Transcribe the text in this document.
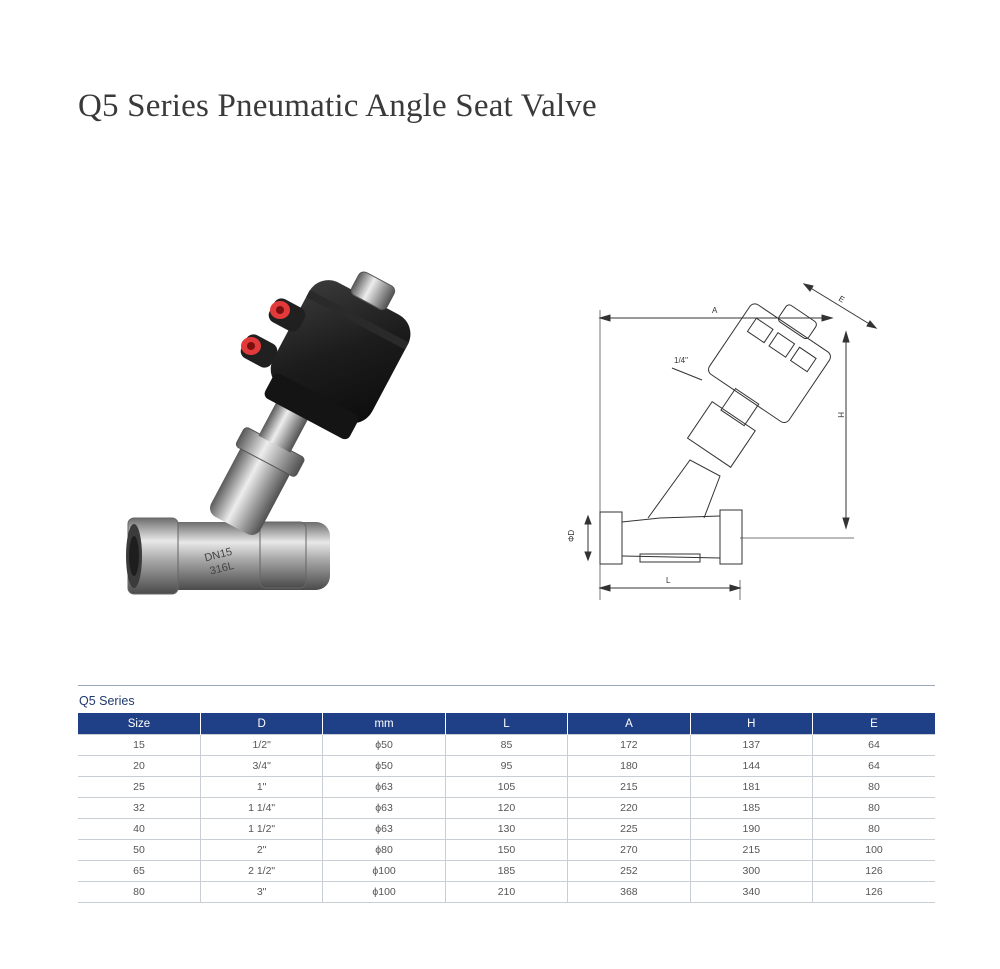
Q5 Series Pneumatic Angle Seat Valve
DN15
316L
A
E
H
L
ΦD
1/4"
Q5 Series
Size	D	mm	L	A	H	E
15	1/2"	ϕ50	85	172	137	64
20	3/4"	ϕ50	95	180	144	64
25	1"	ϕ63	105	215	181	80
32	1 1/4"	ϕ63	120	220	185	80
40	1 1/2"	ϕ63	130	225	190	80
50	2"	ϕ80	150	270	215	100
65	2 1/2"	ϕ100	185	252	300	126
80	3"	ϕ100	210	368	340	126
